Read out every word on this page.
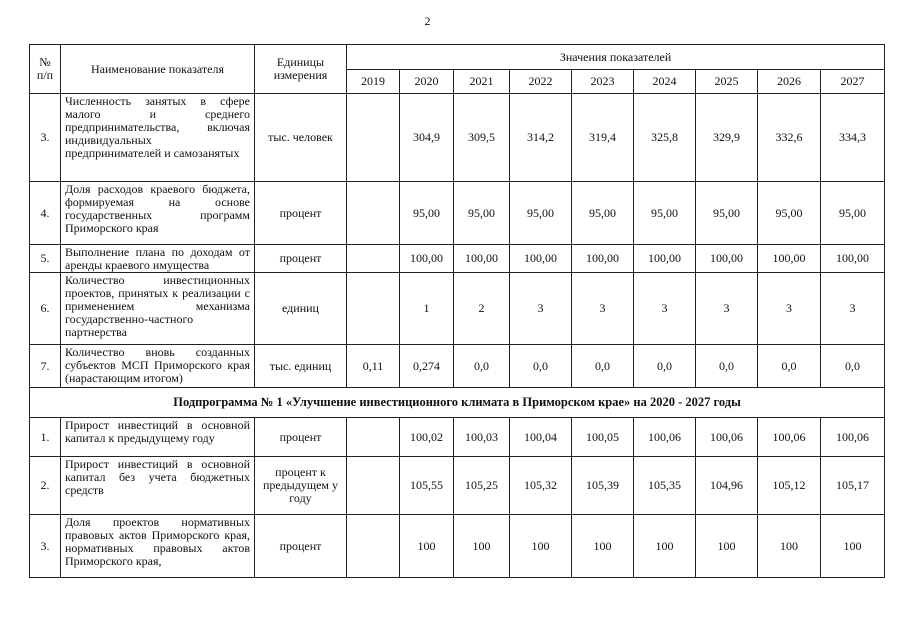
2
№
п/п	Наименование показателя	Единицы измерения	Значения показателей								
			2019	2020	2021	2022	2023	2024	2025	2026	2027
3.	Численность занятых в сфере малого и среднего предпринимательства, включая индивидуальных предпринимателей и самозанятых	тыс. человек		304,9	309,5	314,2	319,4	325,8	329,9	332,6	334,3
4.	Доля расходов краевого бюджета, формируемая на основе государственных программ Приморского края	процент		95,00	95,00	95,00	95,00	95,00	95,00	95,00	95,00
5.	Выполнение плана по доходам от аренды краевого имущества	процент		100,00	100,00	100,00	100,00	100,00	100,00	100,00	100,00
6.	Количество инвестиционных проектов, принятых к реализации с применением механизма государственно-частного партнерства	единиц		1	2	3	3	3	3	3	3
7.	Количество вновь созданных субъектов МСП Приморского края (нарастающим итогом)	тыс. единиц	0,11	0,274	0,0	0,0	0,0	0,0	0,0	0,0	0,0
Подпрограмма № 1 «Улучшение инвестиционного климата в Приморском крае» на 2020 - 2027 годы											
1.	Прирост инвестиций в основной капитал к предыдущему году	процент		100,02	100,03	100,04	100,05	100,06	100,06	100,06	100,06
2.	Прирост инвестиций в основной капитал без учета бюджетных средств	процент к предыдущем у году		105,55	105,25	105,32	105,39	105,35	104,96	105,12	105,17
3.	Доля проектов нормативных правовых актов Приморского края, нормативных правовых актов Приморского края,	процент		100	100	100	100	100	100	100	100
